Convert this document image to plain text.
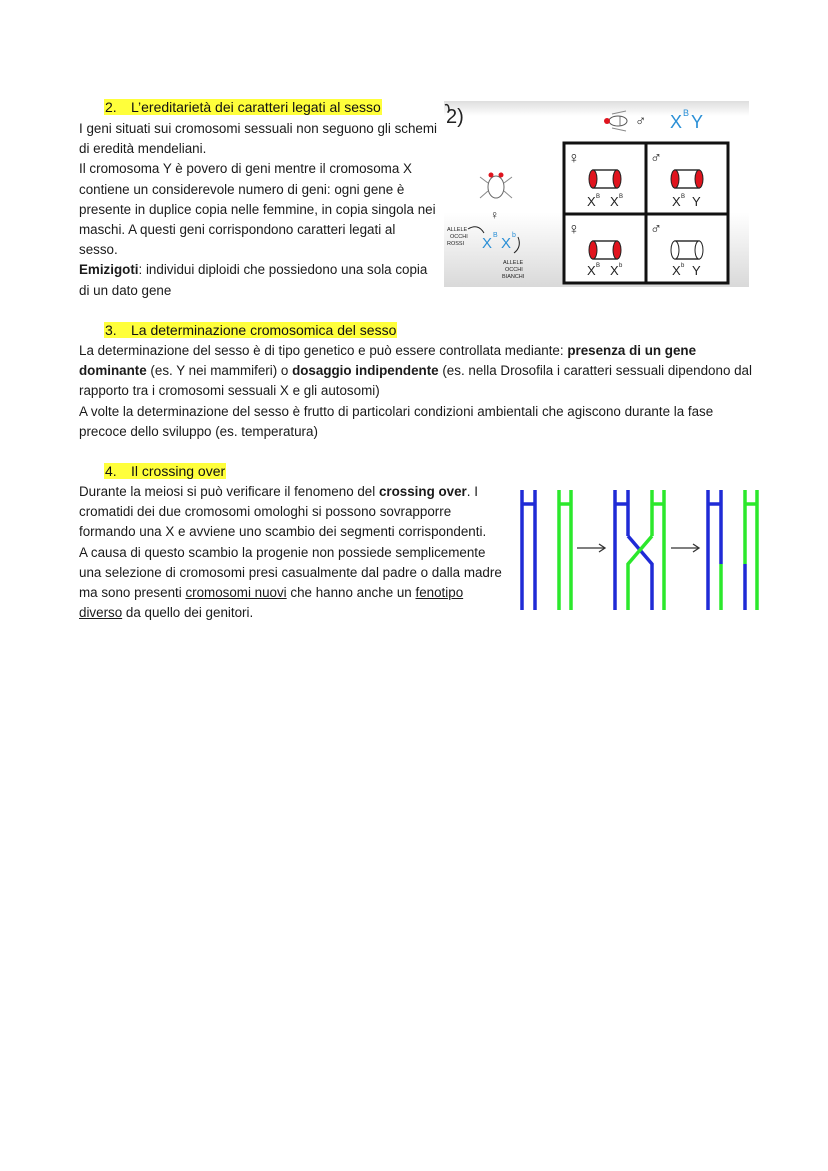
2. L’ereditarietà dei caratteri legati al sesso
I geni situati sui cromosomi sessuali non seguono gli schemi di eredità mendeliani.
Il cromosoma Y è povero di geni mentre il cromosoma X contiene un considerevole numero di geni: ogni gene è presente in duplice copia nelle femmine, in copia singola nei maschi. A questi geni corrispondono caratteri legati al sesso.
Emizigoti: individui diploidi che possiedono una sola copia di un dato gene
2)	♂ X B Y
♀
ALLELE
OCCHI
ROSSI X B X b
ALLELE
OCCHI
BIANCHI
♀
X B X B
♂
X B Y
♀
X B X b
♂
X b Y
3. La determinazione cromosomica del sesso
La determinazione del sesso è di tipo genetico e può essere controllata mediante: presenza di un gene dominante (es. Y nei mammiferi) o dosaggio indipendente (es. nella Drosofila i caratteri sessuali dipendono dal rapporto tra i cromosomi sessuali X e gli autosomi)
A volte la determinazione del sesso è frutto di particolari condizioni ambientali che agiscono durante la fase precoce dello sviluppo (es. temperatura)
4. Il crossing over
Durante la meiosi si può verificare il fenomeno del crossing over. I cromatidi dei due cromosomi omologhi si possono sovrapporre formando una X e avviene uno scambio dei segmenti corrispondenti.
A causa di questo scambio la progenie non possiede semplicemente una selezione di cromosomi presi casualmente dal padre o dalla madre ma sono presenti cromosomi nuovi che hanno anche un fenotipo diverso da quello dei genitori.
